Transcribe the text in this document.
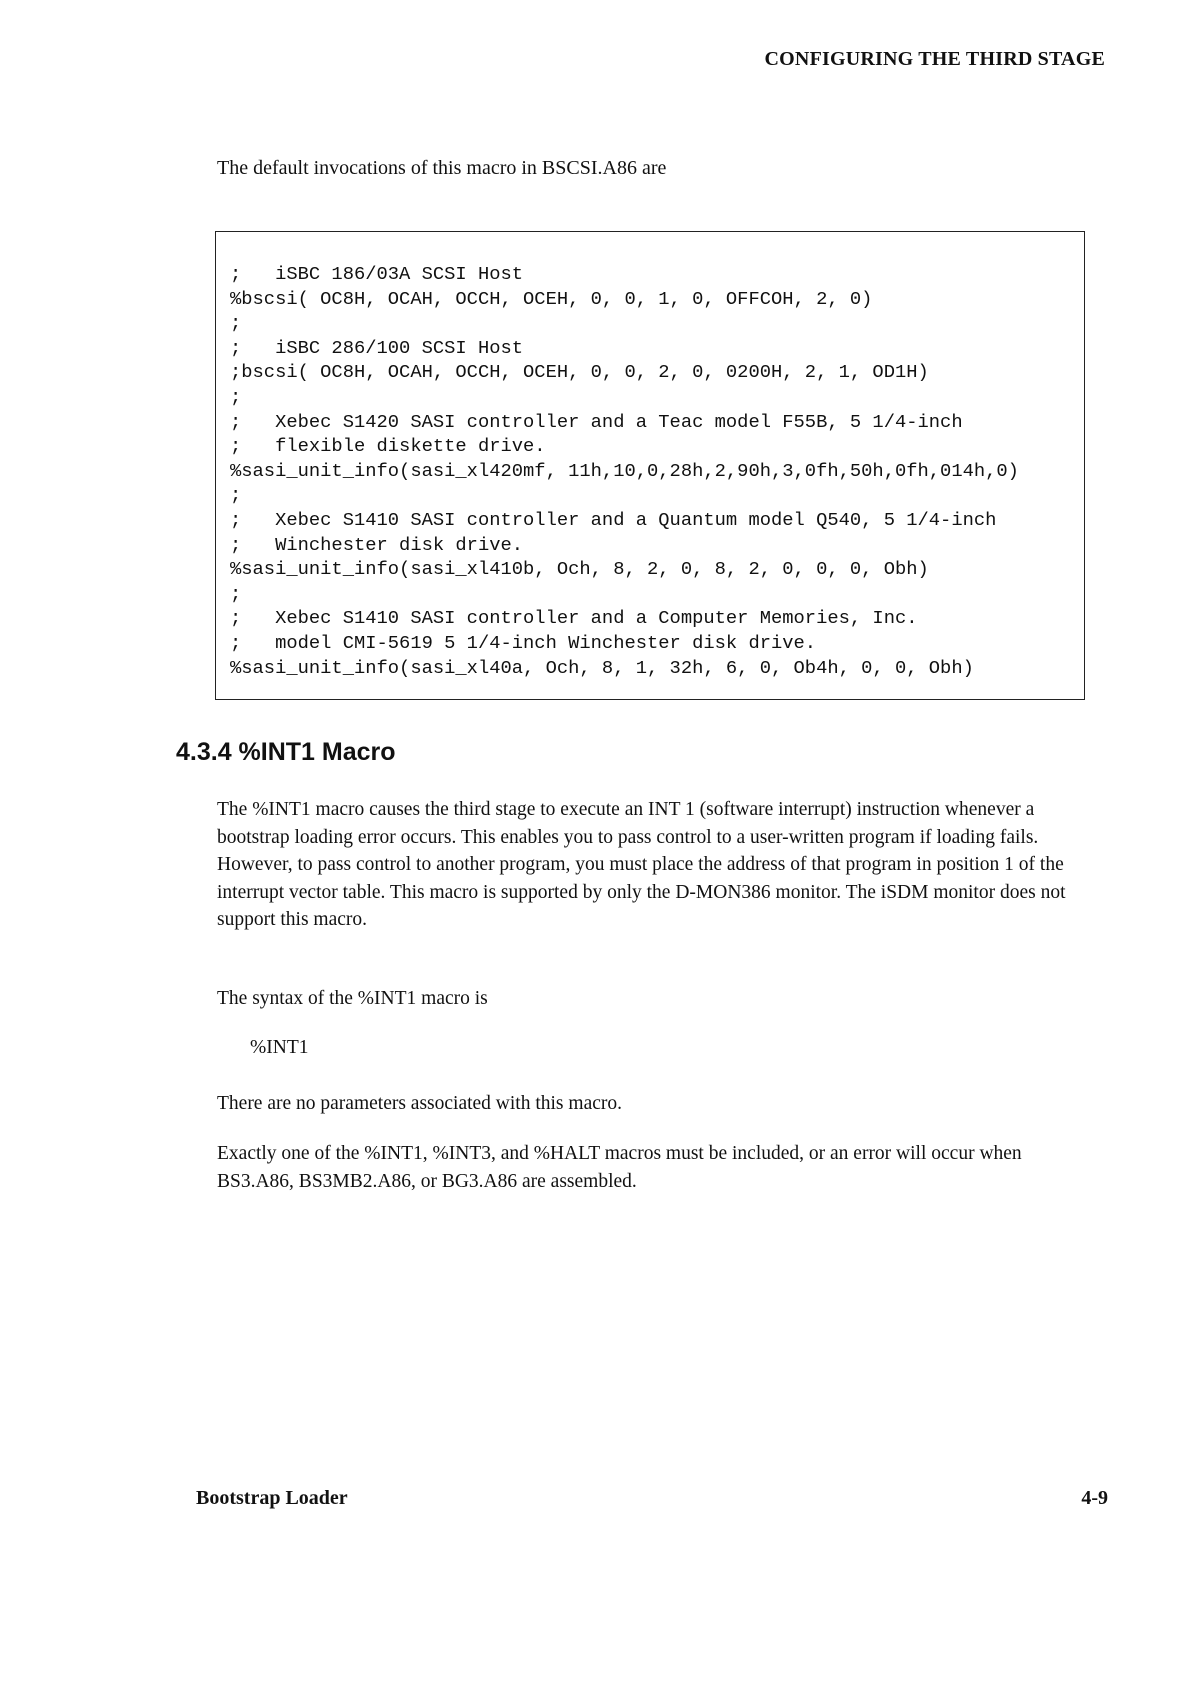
CONFIGURING THE THIRD STAGE
The default invocations of this macro in BSCSI.A86 are
;   iSBC 186/03A SCSI Host
%bscsi( OC8H, OCAH, OCCH, OCEH, 0, 0, 1, 0, OFFCOH, 2, 0)
;
;   iSBC 286/100 SCSI Host
;bscsi( OC8H, OCAH, OCCH, OCEH, 0, 0, 2, 0, 0200H, 2, 1, OD1H)
;
;   Xebec S1420 SASI controller and a Teac model F55B, 5 1/4-inch
;   flexible diskette drive.
%sasi_unit_info(sasi_xl420mf, 11h,10,0,28h,2,90h,3,0fh,50h,0fh,014h,0)
;
;   Xebec S1410 SASI controller and a Quantum model Q540, 5 1/4-inch
;   Winchester disk drive.
%sasi_unit_info(sasi_xl410b, Och, 8, 2, 0, 8, 2, 0, 0, 0, Obh)
;
;   Xebec S1410 SASI controller and a Computer Memories, Inc.
;   model CMI-5619 5 1/4-inch Winchester disk drive.
%sasi_unit_info(sasi_xl40a, Och, 8, 1, 32h, 6, 0, Ob4h, 0, 0, Obh)

4.3.4 %INT1 Macro

The %INT1 macro causes the third stage to execute an INT 1 (software interrupt) instruction whenever a bootstrap loading error occurs. This enables you to pass control to a user-written program if loading fails. However, to pass control to another program, you must place the address of that program in position 1 of the interrupt vector table. This macro is supported by only the D-MON386 monitor. The iSDM monitor does not support this macro.

The syntax of the %INT1 macro is

%INT1

There are no parameters associated with this macro.

Exactly one of the %INT1, %INT3, and %HALT macros must be included, or an error will occur when BS3.A86, BS3MB2.A86, or BG3.A86 are assembled.

Bootstrap Loader	4-9
